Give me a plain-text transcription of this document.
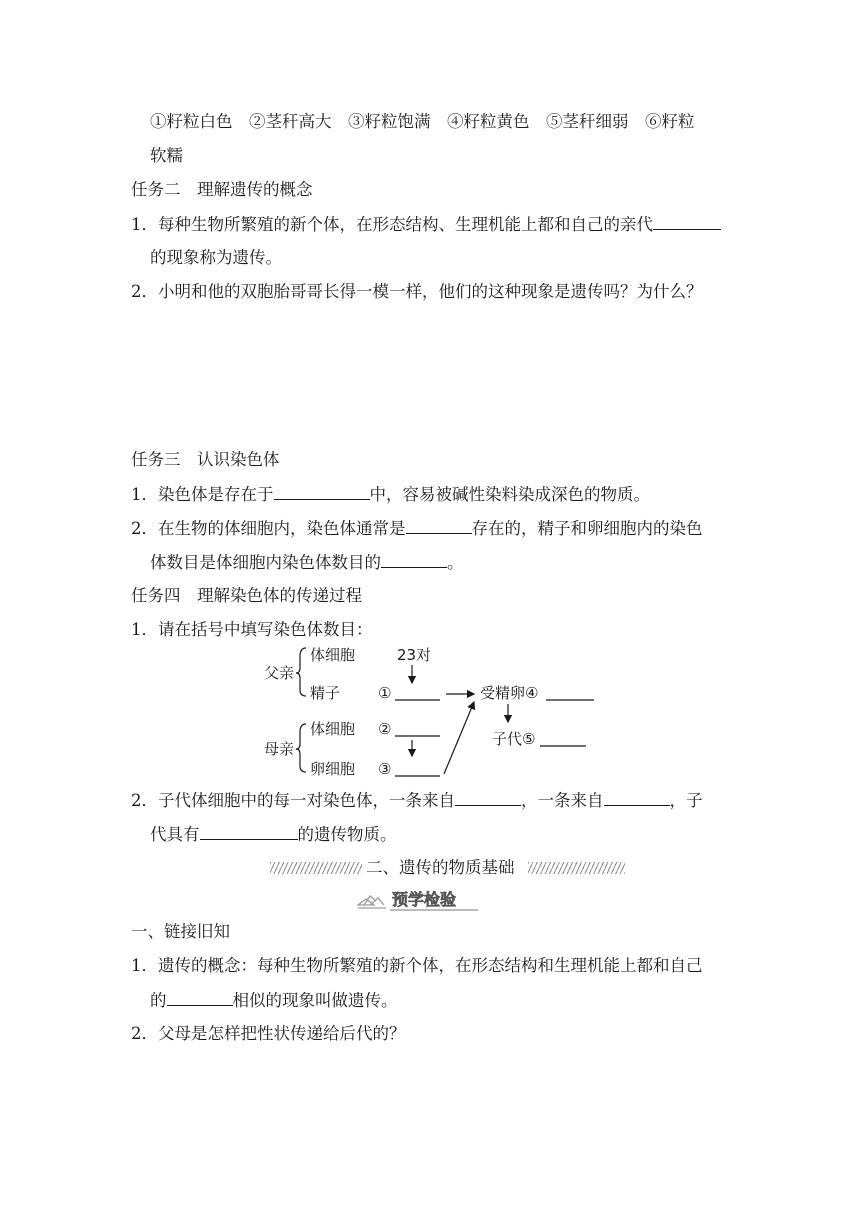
①籽粒白色　②茎秆高大　③籽粒饱满　④籽粒黄色　⑤茎秆细弱　⑥籽粒
软糯
任务二　理解遗传的概念
1．每种生物所繁殖的新个体，在形态结构、生理机能上都和自己的亲代
的现象称为遗传。
2．小明和他的双胞胎哥哥长得一模一样，他们的这种现象是遗传吗？为什么？
任务三　认识染色体
1．染色体是存在于	中，容易被碱性染料染成深色的物质。
2．在生物的体细胞内，染色体通常是	存在的，精子和卵细胞内的染色
体数目是体细胞内染色体数目的	。
任务四　理解染色体的传递过程
1．请在括号中填写染色体数目：
父亲
体细胞
精子
23对
①	受精卵④
子代⑤
母亲
体细胞
卵细胞
②
③
2．子代体细胞中的每一对染色体，一条来自	，一条来自	，子
代具有	的遗传物质。
二、遗传的物质基础
预学检验
一、链接旧知
1．遗传的概念：每种生物所繁殖的新个体，在形态结构和生理机能上都和自己
的	相似的现象叫做遗传。
2．父母是怎样把性状传递给后代的？
